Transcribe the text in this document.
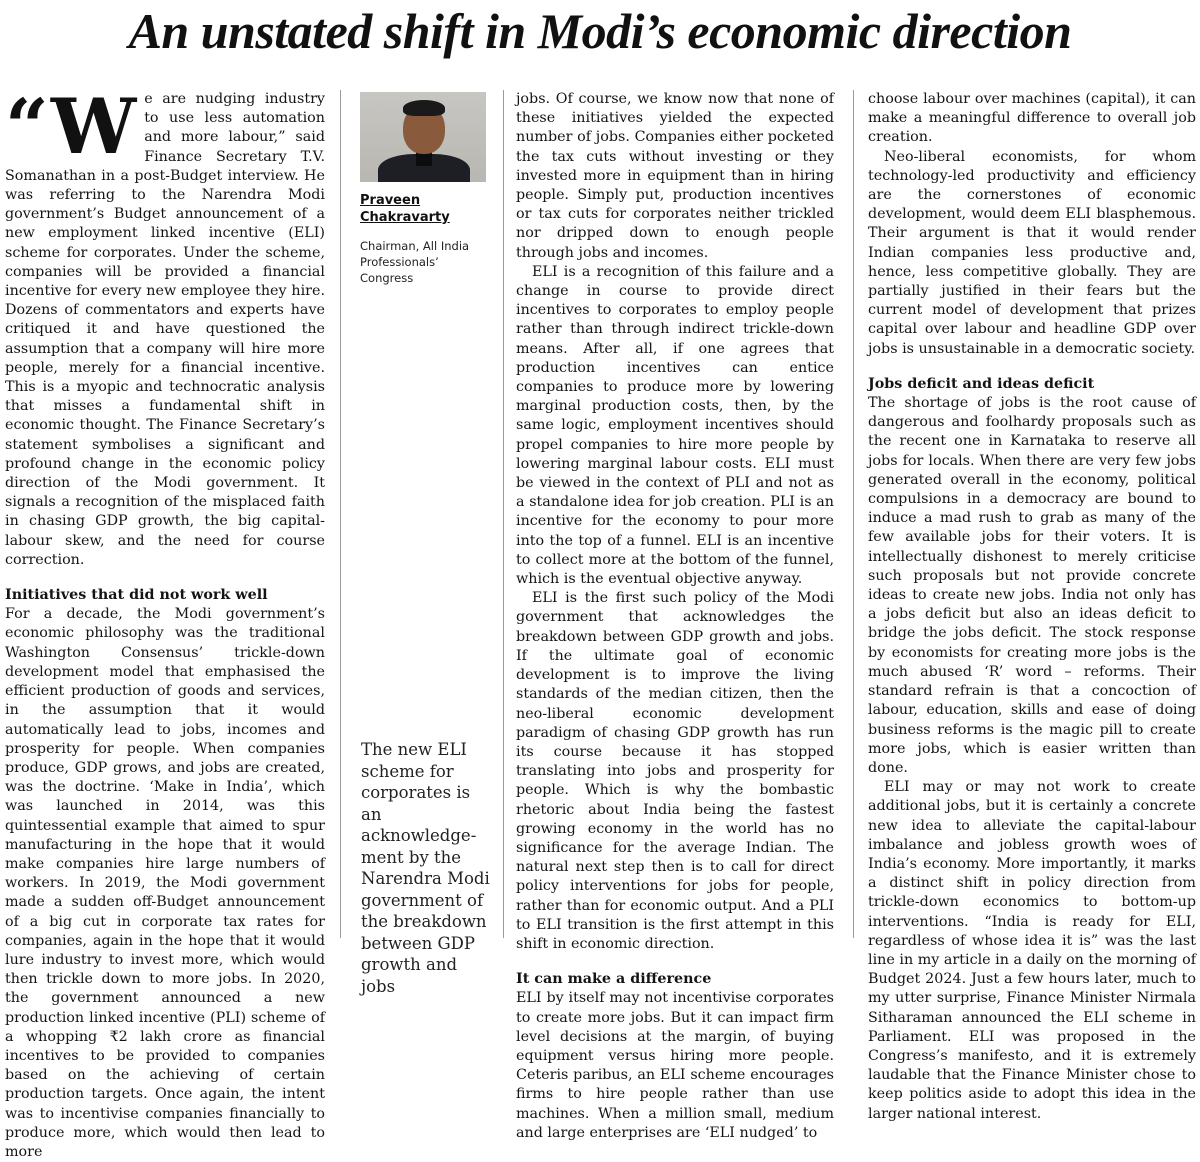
An unstated shift in Modi’s economic direction
“W e are nudging industry to use less automation and more labour,” said Finance Secretary T.V. Somanathan in a post-Budget interview. He was referring to the Narendra Modi government’s Budget announcement of a new employment linked incentive (ELI) scheme for corporates. Under the scheme, companies will be provided a financial incentive for every new employee they hire. Dozens of commentators and experts have critiqued it and have questioned the assumption that a company will hire more people, merely for a financial incentive. This is a myopic and technocratic analysis that misses a fundamental shift in economic thought. The Finance Secretary’s statement symbolises a significant and profound change in the economic policy direction of the Modi government. It signals a recognition of the misplaced faith in chasing GDP growth, the big capital-labour skew, and the need for course correction.

Initiatives that did not work well

For a decade, the Modi government’s economic philosophy was the traditional Washington Consensus’ trickle-down development model that emphasised the efficient production of goods and services, in the assumption that it would automatically lead to jobs, incomes and prosperity for people. When companies produce, GDP grows, and jobs are created, was the doctrine. ‘Make in India’, which was launched in 2014, was this quintessential example that aimed to spur manufacturing in the hope that it would make companies hire large numbers of workers. In 2019, the Modi government made a sudden off-Budget announcement of a big cut in corporate tax rates for companies, again in the hope that it would lure industry to invest more, which would then trickle down to more jobs. In 2020, the government announced a new production linked incentive (PLI) scheme of a whopping ₹2 lakh crore as financial incentives to be provided to companies based on the achieving of certain production targets. Once again, the intent was to incentivise companies financially to produce more, which would then lead to more

Praveen Chakravarty
Chairman, All India Professionals’ Congress
The new ELI scheme for corporates is an acknowledge-ment by the Narendra Modi government of the breakdown between GDP growth and jobs

jobs. Of course, we know now that none of these initiatives yielded the expected number of jobs. Companies either pocketed the tax cuts without investing or they invested more in equipment than in hiring people. Simply put, production incentives or tax cuts for corporates neither trickled nor dripped down to enough people through jobs and incomes.

ELI is a recognition of this failure and a change in course to provide direct incentives to corporates to employ people rather than through indirect trickle-down means. After all, if one agrees that production incentives can entice companies to produce more by lowering marginal production costs, then, by the same logic, employment incentives should propel companies to hire more people by lowering marginal labour costs. ELI must be viewed in the context of PLI and not as a standalone idea for job creation. PLI is an incentive for the economy to pour more into the top of a funnel. ELI is an incentive to collect more at the bottom of the funnel, which is the eventual objective anyway.

ELI is the first such policy of the Modi government that acknowledges the breakdown between GDP growth and jobs. If the ultimate goal of economic development is to improve the living standards of the median citizen, then the neo-liberal economic development paradigm of chasing GDP growth has run its course because it has stopped translating into jobs and prosperity for people. Which is why the bombastic rhetoric about India being the fastest growing economy in the world has no significance for the average Indian. The natural next step then is to call for direct policy interventions for jobs for people, rather than for economic output. And a PLI to ELI transition is the first attempt in this shift in economic direction.

It can make a difference

ELI by itself may not incentivise corporates to create more jobs. But it can impact firm level decisions at the margin, of buying equipment versus hiring more people. Ceteris paribus, an ELI scheme encourages firms to hire people rather than use machines. When a million small, medium and large enterprises are ‘ELI nudged’ to

choose labour over machines (capital), it can make a meaningful difference to overall job creation.

Neo-liberal economists, for whom technology-led productivity and efficiency are the cornerstones of economic development, would deem ELI blasphemous. Their argument is that it would render Indian companies less productive and, hence, less competitive globally. They are partially justified in their fears but the current model of development that prizes capital over labour and headline GDP over jobs is unsustainable in a democratic society.

Jobs deficit and ideas deficit

The shortage of jobs is the root cause of dangerous and foolhardy proposals such as the recent one in Karnataka to reserve all jobs for locals. When there are very few jobs generated overall in the economy, political compulsions in a democracy are bound to induce a mad rush to grab as many of the few available jobs for their voters. It is intellectually dishonest to merely criticise such proposals but not provide concrete ideas to create new jobs. India not only has a jobs deficit but also an ideas deficit to bridge the jobs deficit. The stock response by economists for creating more jobs is the much abused ‘R’ word – reforms. Their standard refrain is that a concoction of labour, education, skills and ease of doing business reforms is the magic pill to create more jobs, which is easier written than done.

ELI may or may not work to create additional jobs, but it is certainly a concrete new idea to alleviate the capital-labour imbalance and jobless growth woes of India’s economy. More importantly, it marks a distinct shift in policy direction from trickle-down economics to bottom-up interventions. “India is ready for ELI, regardless of whose idea it is” was the last line in my article in a daily on the morning of Budget 2024. Just a few hours later, much to my utter surprise, Finance Minister Nirmala Sitharaman announced the ELI scheme in Parliament. ELI was proposed in the Congress’s manifesto, and it is extremely laudable that the Finance Minister chose to keep politics aside to adopt this idea in the larger national interest.
